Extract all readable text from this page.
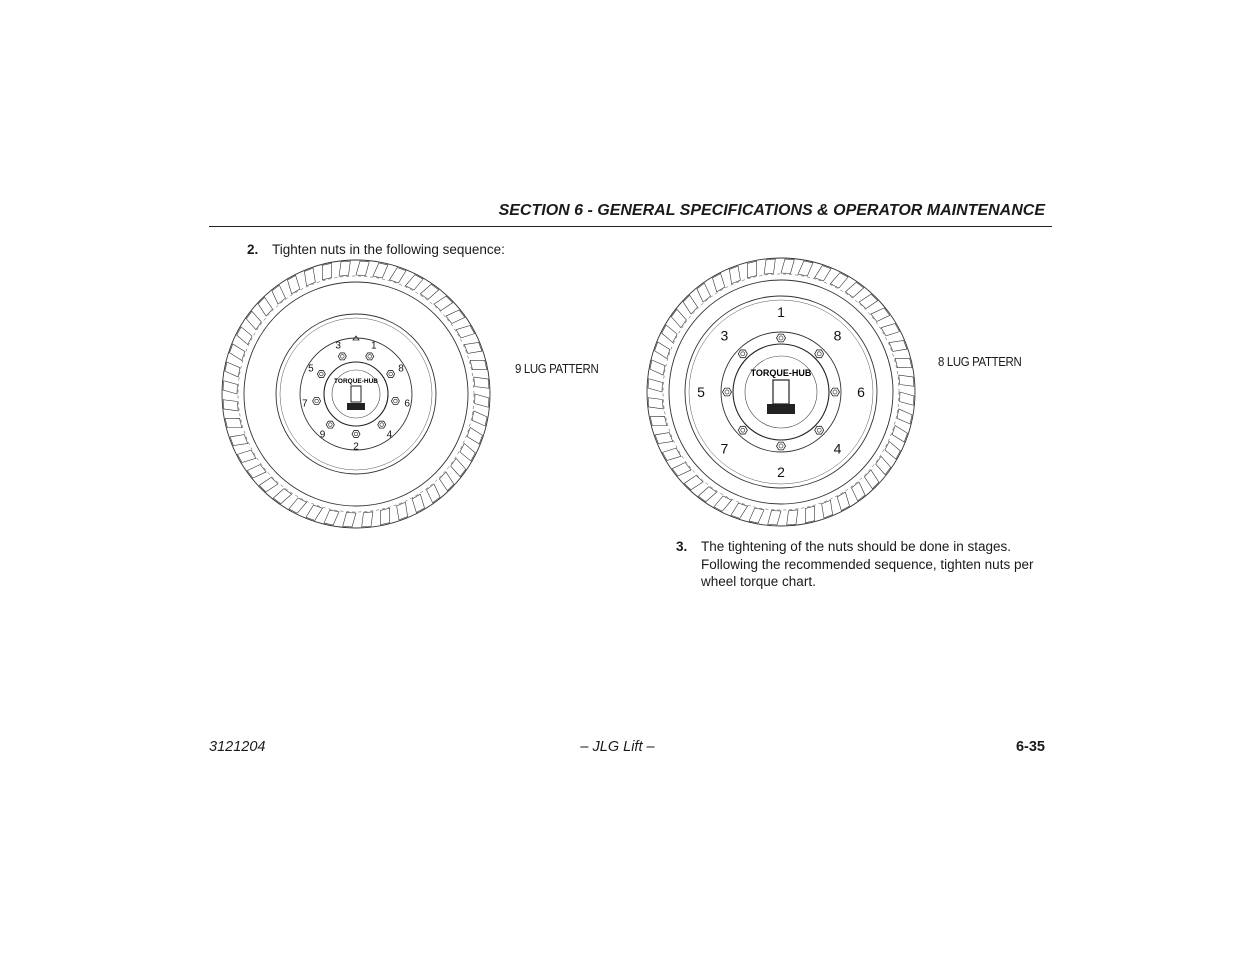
SECTION 6 - GENERAL SPECIFICATIONS & OPERATOR MAINTENANCE
2. Tighten nuts in the following sequence:
1
8
6
4
2
9
7
5
3
TORQUE-HUB
9 LUG PATTERN
1
8
6
4
2
7
5
3
TORQUE-HUB
8 LUG PATTERN
3. The tightening of the nuts should be done in stages. Following the recommended sequence, tighten nuts per wheel torque chart.
3121204	– JLG Lift –	6-35
